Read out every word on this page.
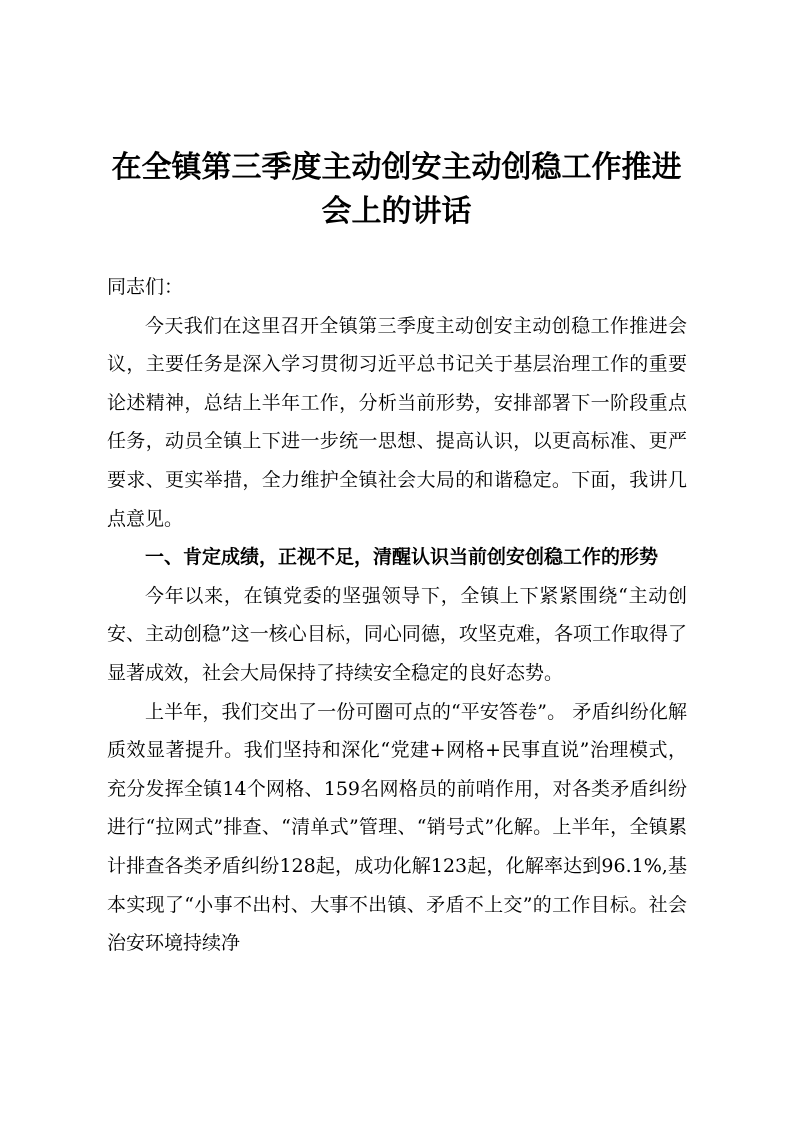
在全镇第三季度主动创安主动创稳工作推进会上的讲话

同志们：

今天我们在这里召开全镇第三季度主动创安主动创稳工作推进会议，主要任务是深入学习贯彻习近平总书记关于基层治理工作的重要论述精神，总结上半年工作，分析当前形势，安排部署下一阶段重点任务，动员全镇上下进一步统一思想、提高认识，以更高标准、更严要求、更实举措，全力维护全镇社会大局的和谐稳定。下面，我讲几点意见。

一、肯定成绩，正视不足，清醒认识当前创安创稳工作的形势

今年以来，在镇党委的坚强领导下，全镇上下紧紧围绕“主动创安、主动创稳”这一核心目标，同心同德，攻坚克难，各项工作取得了显著成效，社会大局保持了持续安全稳定的良好态势。

上半年，我们交出了一份可圈可点的“平安答卷”。 矛盾纠纷化解质效显著提升。我们坚持和深化“党建+网格+民事直说”治理模式，充分发挥全镇14个网格、159名网格员的前哨作用，对各类矛盾纠纷进行“拉网式”排查、“清单式”管理、“销号式”化解。上半年，全镇累计排查各类矛盾纠纷128起，成功化解123起，化解率达到96.1%,基本实现了“小事不出村、大事不出镇、矛盾不上交”的工作目标。社会治安环境持续净
